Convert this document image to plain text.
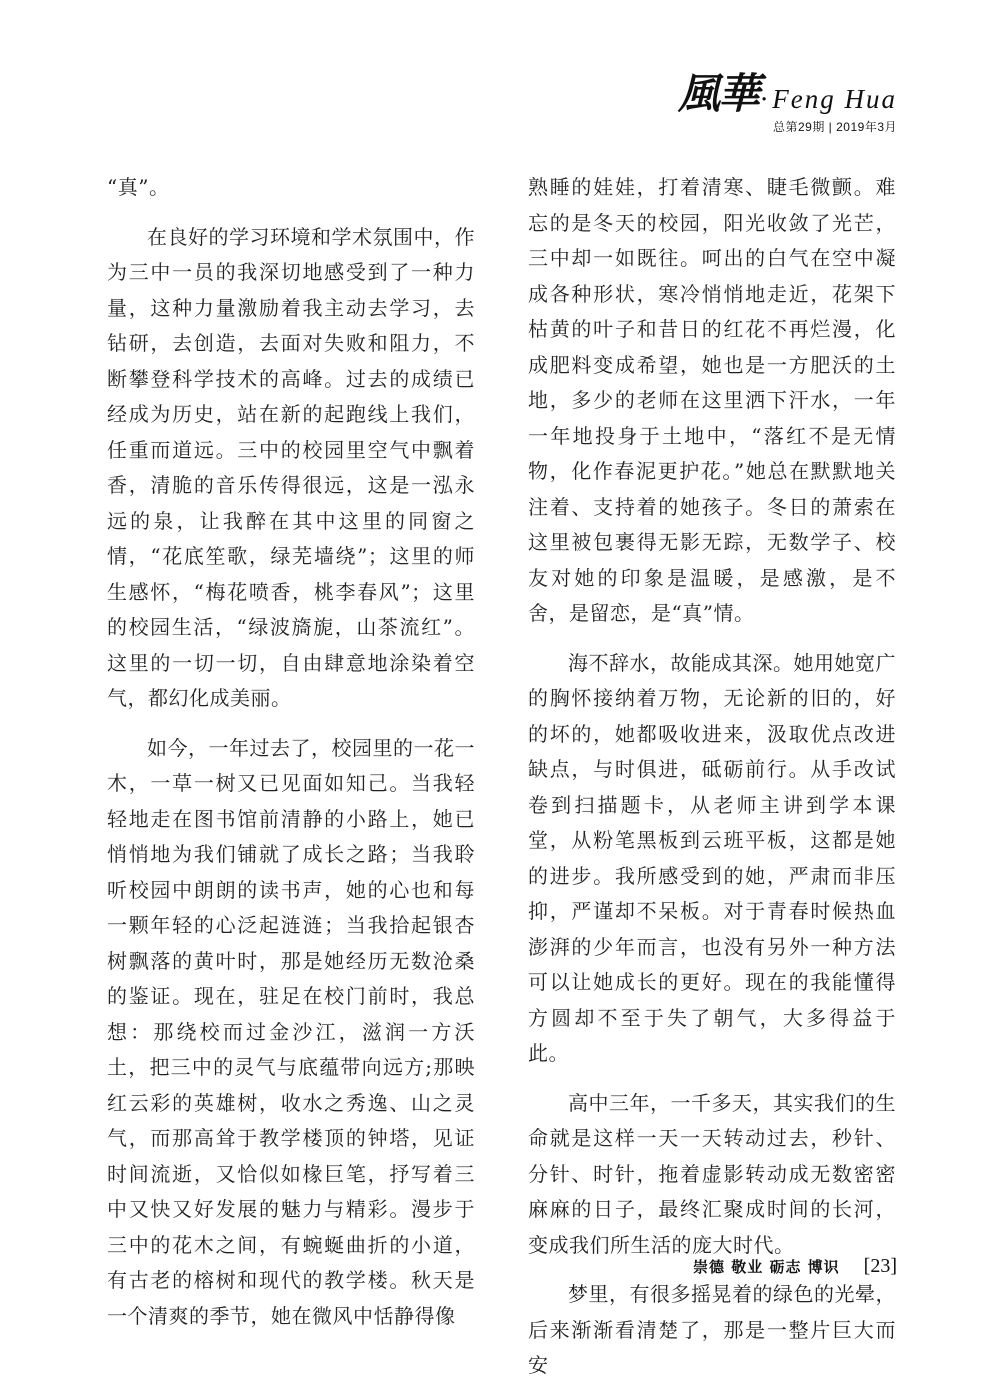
風華 · Feng Hua
总第29期 | 2019年3月

“真”。

在良好的学习环境和学术氛围中，作为三中一员的我深切地感受到了一种力量，这种力量激励着我主动去学习，去钻研，去创造，去面对失败和阻力，不断攀登科学技术的高峰。过去的成绩已经成为历史，站在新的起跑线上我们，任重而道远。三中的校园里空气中飘着香，清脆的音乐传得很远，这是一泓永远的泉，让我醉在其中这里的同窗之情，“花底笙歌，绿芜墙绕”；这里的师生感怀，“梅花喷香，桃李春风”；这里的校园生活，“绿波旖旎，山茶流红”。这里的一切一切，自由肆意地涂染着空气，都幻化成美丽。

如今，一年过去了，校园里的一花一木，一草一树又已见面如知己。当我轻轻地走在图书馆前清静的小路上，她已悄悄地为我们铺就了成长之路；当我聆听校园中朗朗的读书声，她的心也和每一颗年轻的心泛起涟涟；当我拾起银杏树飘落的黄叶时，那是她经历无数沧桑的鉴证。现在，驻足在校门前时，我总想：那绕校而过金沙江，滋润一方沃土，把三中的灵气与底蕴带向远方;那映红云彩的英雄树，收水之秀逸、山之灵气，而那高耸于教学楼顶的钟塔，见证时间流逝，又恰似如椽巨笔，抒写着三中又快又好发展的魅力与精彩。漫步于三中的花木之间，有蜿蜒曲折的小道，有古老的榕树和现代的教学楼。秋天是一个清爽的季节，她在微风中恬静得像

熟睡的娃娃，打着清寒、睫毛微颤。难忘的是冬天的校园，阳光收敛了光芒，三中却一如既往。呵出的白气在空中凝成各种形状，寒冷悄悄地走近，花架下枯黄的叶子和昔日的红花不再烂漫，化成肥料变成希望，她也是一方肥沃的土地，多少的老师在这里洒下汗水，一年一年地投身于土地中，“落红不是无情物，化作春泥更护花。”她总在默默地关注着、支持着的她孩子。冬日的萧索在这里被包裹得无影无踪，无数学子、校友对她的印象是温暖，是感激，是不舍，是留恋，是“真”情。

海不辞水，故能成其深。她用她宽广的胸怀接纳着万物，无论新的旧的，好的坏的，她都吸收进来，汲取优点改进缺点，与时俱进，砥砺前行。从手改试卷到扫描题卡，从老师主讲到学本课堂，从粉笔黑板到云班平板，这都是她的进步。我所感受到的她，严肃而非压抑，严谨却不呆板。对于青春时候热血澎湃的少年而言，也没有另外一种方法可以让她成长的更好。现在的我能懂得方圆却不至于失了朝气，大多得益于此。

高中三年，一千多天，其实我们的生命就是这样一天一天转动过去，秒针、分针、时针，拖着虚影转动成无数密密麻麻的日子，最终汇聚成时间的长河，变成我们所生活的庞大时代。

梦里，有很多摇晃着的绿色的光晕，后来渐渐看清楚了，那是一整片巨大而安

崇德 敬业 砺志 博识 [23]
